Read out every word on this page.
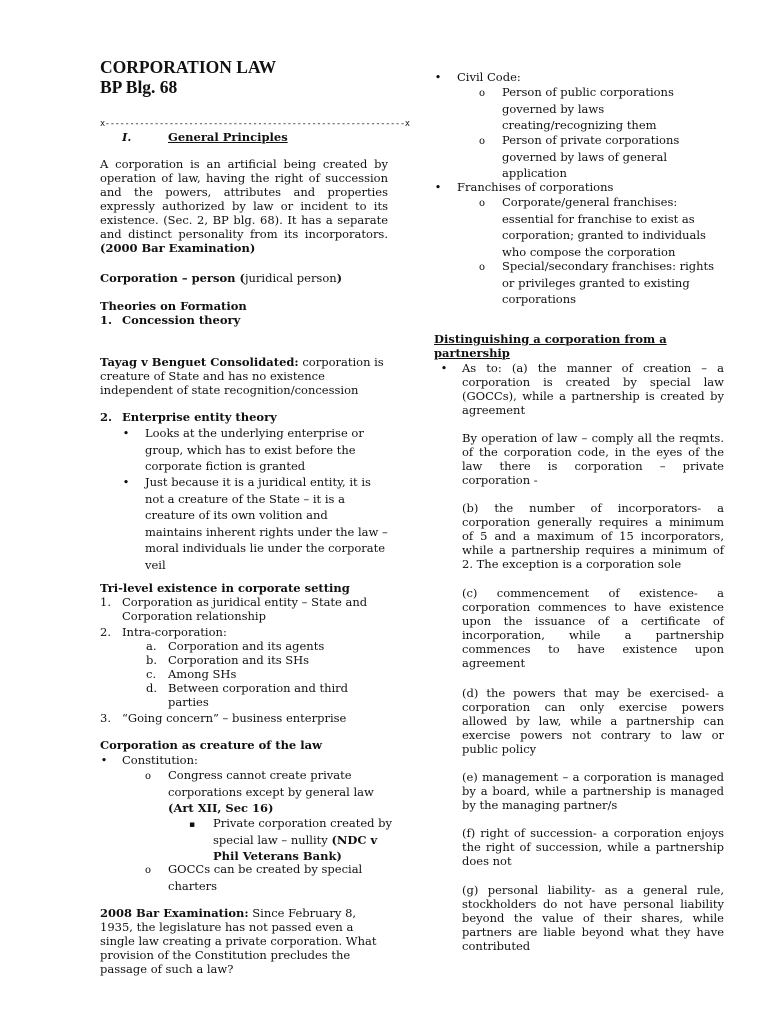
CORPORATION LAW
BP Blg. 68
x-------------------------------------------------------------x
I.	General Principles
A corporation is an artificial being created by operation of law, having the right of succession and the powers, attributes and properties expressly authorized by law or incident to its existence. (Sec. 2, BP blg. 68). It has a separate and distinct personality from its incorporators. (2000 Bar Examination)
Corporation – person (juridical person)
Theories on Formation
1. Concession theory
Tayag v Benguet Consolidated: corporation is creature of State and has no existence independent of state recognition/concession
2. Enterprise entity theory
•
Looks at the underlying enterprise or group, which has to exist before the corporate fiction is granted
•
Just because it is a juridical entity, it is not a creature of the State – it is a creature of its own volition and maintains inherent rights under the law – moral individuals lie under the corporate veil
Tri-level existence in corporate setting
1. Corporation as juridical entity – State and Corporation relationship
2. Intra-corporation:
a. Corporation and its agents
b. Corporation and its SHs
c. Among SHs
d. Between corporation and third parties
3. “Going concern” – business enterprise
Corporation as creature of the law
•
Constitution:
o
Congress cannot create private corporations except by general law (Art XII, Sec 16)
▪
Private corporation created by special law – nullity (NDC v Phil Veterans Bank)
o
GOCCs can be created by special charters
2008 Bar Examination: Since February 8, 1935, the legislature has not passed even a single law creating a private corporation. What provision of the Constitution precludes the passage of such a law?
•
Civil Code:
o
Person of public corporations governed by laws creating/recognizing them
o
Person of private corporations governed by laws of general application
•
Franchises of corporations
o
Corporate/general franchises: essential for franchise to exist as corporation; granted to individuals who compose the corporation
o
Special/secondary franchises: rights or privileges granted to existing corporations
Distinguishing a corporation from a partnership
•
As to: (a) the manner of creation – a corporation is created by special law (GOCCs), while a partnership is created by agreement
By operation of law – comply all the reqmts. of the corporation code, in the eyes of the law there is corporation – private corporation -
(b) the number of incorporators- a corporation generally requires a minimum of 5 and a maximum of 15 incorporators, while a partnership requires a minimum of 2. The exception is a corporation sole
(c) commencement of existence- a corporation commences to have existence upon the issuance of a certificate of incorporation, while a partnership commences to have existence upon agreement
(d) the powers that may be exercised- a corporation can only exercise powers allowed by law, while a partnership can exercise powers not contrary to law or public policy
(e) management – a corporation is managed by a board, while a partnership is managed by the managing partner/s
(f) right of succession- a corporation enjoys the right of succession, while a partnership does not
(g) personal liability- as a general rule, stockholders do not have personal liability beyond the value of their shares, while partners are liable beyond what they have contributed
